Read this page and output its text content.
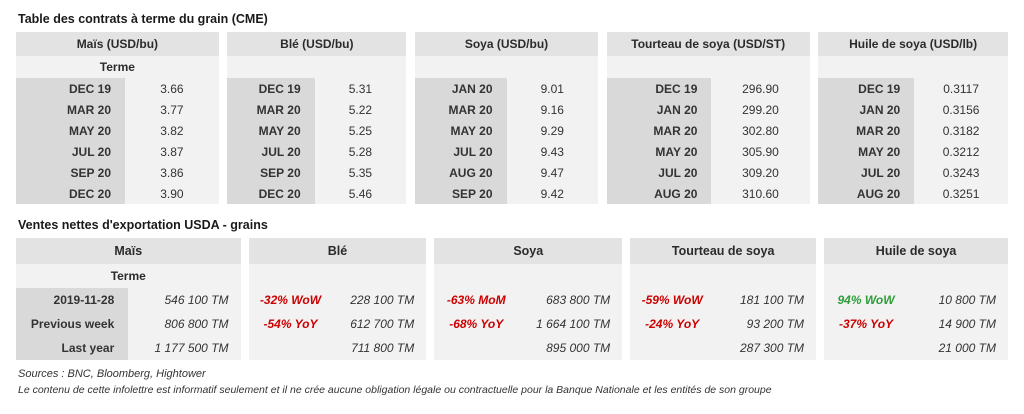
Table des contrats à terme du grain (CME)
Maïs (USD/bu)			Blé (USD/bu)			Soya (USD/bu)			Tourteau de soya (USD/ST)			Huile de soya (USD/lb)	
Terme													
DEC 19	3.66		DEC 19	5.31		JAN 20	9.01		DEC 19	296.90		DEC 19	0.3117
MAR 20	3.77		MAR 20	5.22		MAR 20	9.16		JAN 20	299.20		JAN 20	0.3156
MAY 20	3.82		MAY 20	5.25		MAY 20	9.29		MAR 20	302.80		MAR 20	0.3182
JUL 20	3.87		JUL 20	5.28		JUL 20	9.43		MAY 20	305.90		MAY 20	0.3212
SEP 20	3.86		SEP 20	5.35		AUG 20	9.47		JUL 20	309.20		JUL 20	0.3243
DEC 20	3.90		DEC 20	5.46		SEP 20	9.42		AUG 20	310.60		AUG 20	0.3251
Ventes nettes d'exportation USDA - grains
Maïs			Blé			Soya			Tourteau de soya			Huile de soya	
Terme													
2019-11-28	546 100 TM		-32% WoW	228 100 TM		-63% MoM	683 800 TM		-59% WoW	181 100 TM		94% WoW	10 800 TM
Previous week	806 800 TM		-54% YoY	612 700 TM		-68% YoY	1 664 100 TM		-24% YoY	93 200 TM		-37% YoY	14 900 TM
Last year	1 177 500 TM			711 800 TM			895 000 TM			287 300 TM			21 000 TM
Sources : BNC, Bloomberg, Hightower
Le contenu de cette infolettre est informatif seulement et il ne crée aucune obligation légale ou contractuelle pour la Banque Nationale et les entités de son groupe
